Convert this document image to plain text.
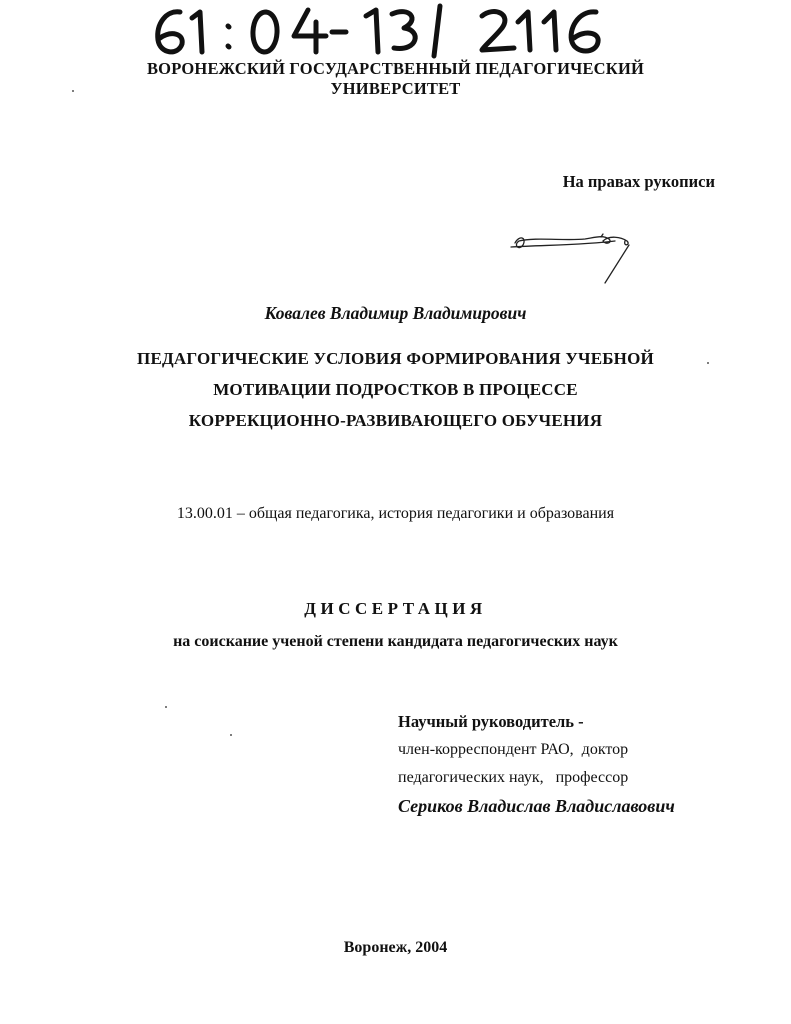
ВОРОНЕЖСКИЙ ГОСУДАРСТВЕННЫЙ ПЕДАГОГИЧЕСКИЙ
УНИВЕРСИТЕТ
На правах рукописи
Ковалев Владимир Владимирович
ПЕДАГОГИЧЕСКИЕ УСЛОВИЯ ФОРМИРОВАНИЯ УЧЕБНОЙ
МОТИВАЦИИ ПОДРОСТКОВ В ПРОЦЕССЕ
КОРРЕКЦИОННО-РАЗВИВАЮЩЕГО ОБУЧЕНИЯ
13.00.01 – общая педагогика, история педагогики и образования
ДИССЕРТАЦИЯ
на соискание ученой степени кандидата педагогических наук
Научный руководитель -
член-корреспондент РАО,  доктор
педагогических наук,   профессор
Сериков Владислав Владиславович
Воронеж, 2004
